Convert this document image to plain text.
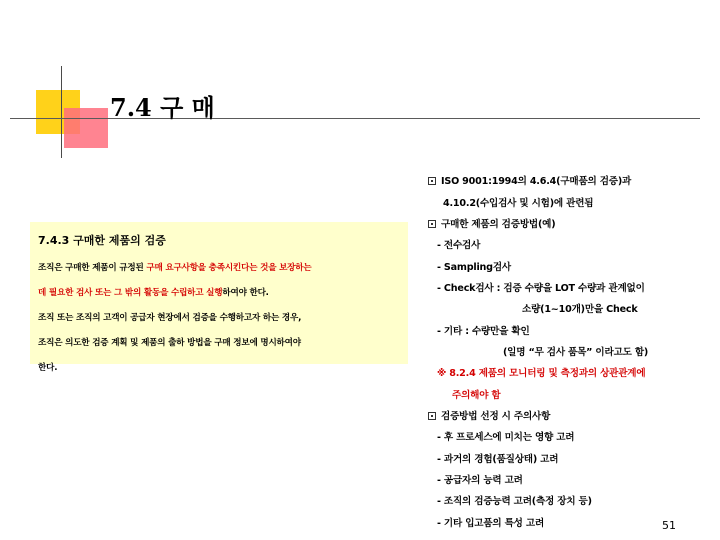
7.4 구 매
7.4.3 구매한 제품의 검증
조직은 구매한 제품이 규정된 구매 요구사항을 충족시킨다는 것을 보장하는
데 필요한 검사 또는 그 밖의 활동을 수립하고 실행하여야 한다.
조직 또는 조직의 고객이 공급자 현장에서 검증을 수행하고자 하는 경우,
조직은 의도한 검증 계획 및 제품의 출하 방법을 구매 정보에 명시하여야
한다.
ISO 9001:1994의 4.6.4(구매품의 검증)과
4.10.2(수입검사 및 시험)에 관련됨
구매한 제품의 검증방법(예)
- 전수검사
- Sampling검사
- Check검사 : 검증 수량을 LOT 수량과 관계없이
소량(1~10개)만을 Check
- 기타 : 수량만을 확인
(일명 “무 검사 품목” 이라고도 함)
※ 8.2.4 제품의 모니터링 및 측정과의 상관관계에
주의해야 함
검증방법 선정 시 주의사항
- 후 프로세스에 미치는 영향 고려
- 과거의 경험(품질상태) 고려
- 공급자의 능력 고려
- 조직의 검증능력 고려(측정 장치 등)
- 기타 입고품의 특성 고려	51
